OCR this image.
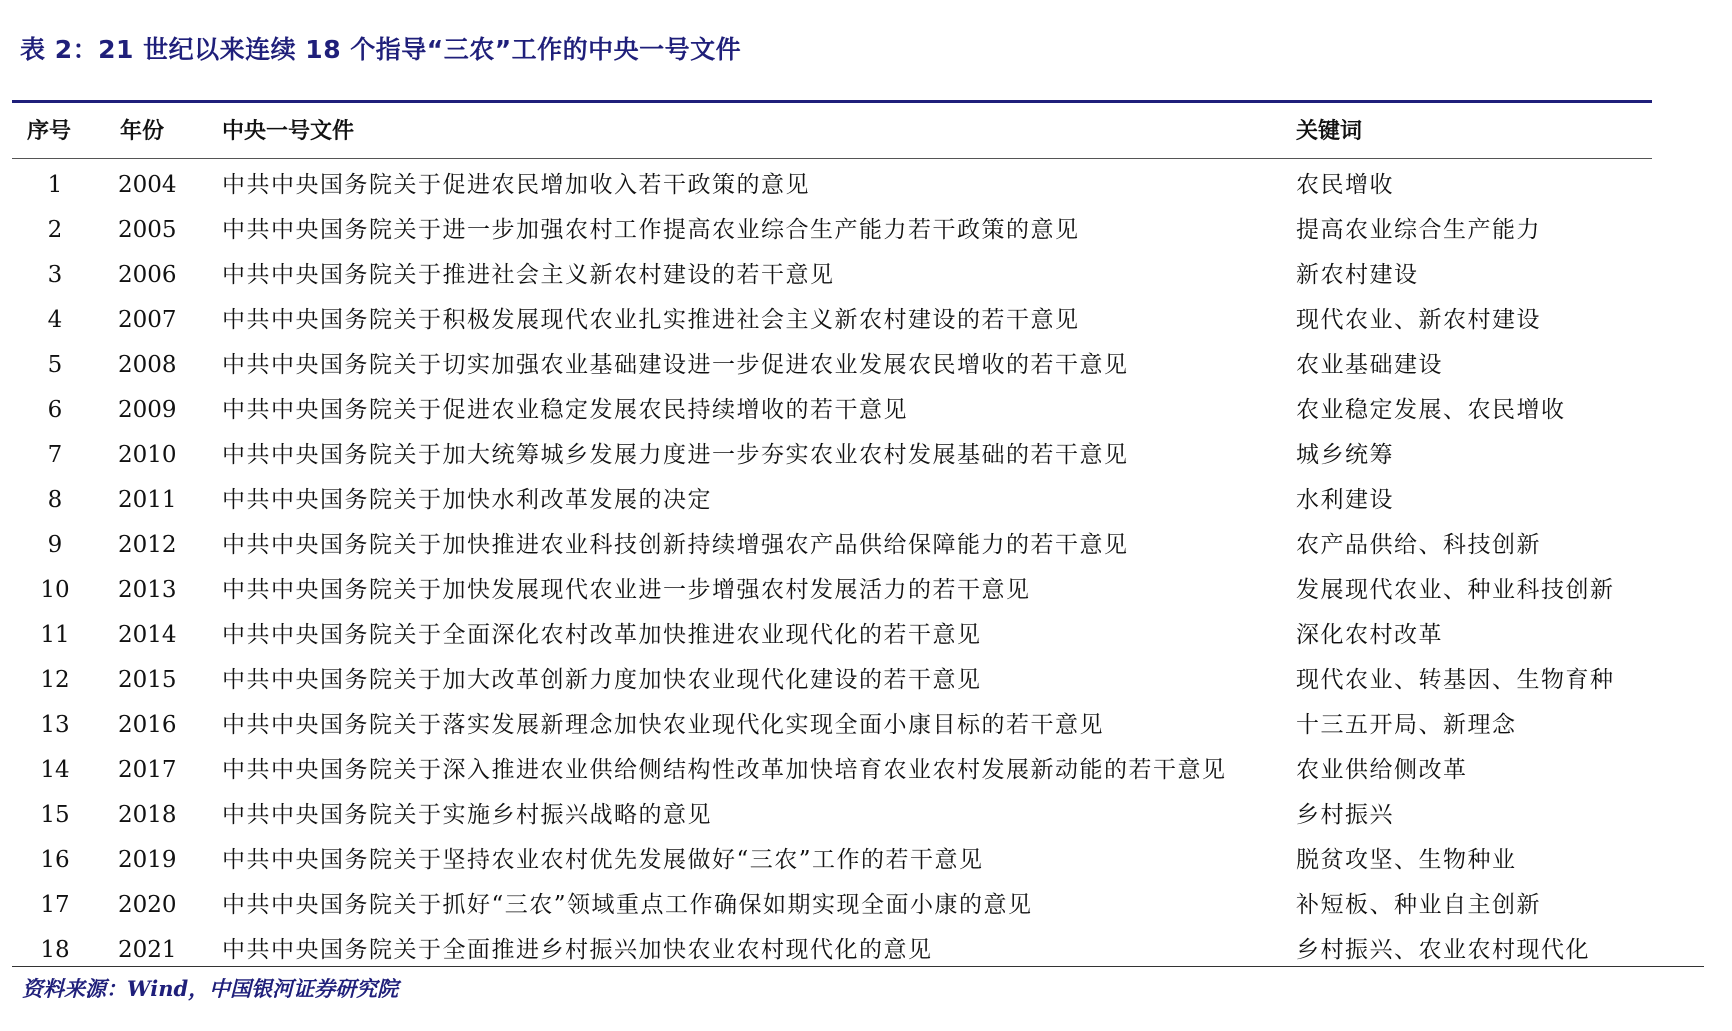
表 2：21 世纪以来连续 18 个指导“三农”工作的中央一号文件
序号 年份	中央一号文件	关键词
1	2004	中共中央国务院关于促进农民增加收入若干政策的意见	农民增收
2	2005	中共中央国务院关于进一步加强农村工作提高农业综合生产能力若干政策的意见	提高农业综合生产能力
3	2006	中共中央国务院关于推进社会主义新农村建设的若干意见	新农村建设
4	2007	中共中央国务院关于积极发展现代农业扎实推进社会主义新农村建设的若干意见	现代农业、新农村建设
5	2008	中共中央国务院关于切实加强农业基础建设进一步促进农业发展农民增收的若干意见	农业基础建设
6	2009	中共中央国务院关于促进农业稳定发展农民持续增收的若干意见	农业稳定发展、农民增收
7	2010	中共中央国务院关于加大统筹城乡发展力度进一步夯实农业农村发展基础的若干意见	城乡统筹
8	2011	中共中央国务院关于加快水利改革发展的决定	水利建设
9	2012	中共中央国务院关于加快推进农业科技创新持续增强农产品供给保障能力的若干意见	农产品供给、科技创新
10	2013	中共中央国务院关于加快发展现代农业进一步增强农村发展活力的若干意见	发展现代农业、种业科技创新
11	2014	中共中央国务院关于全面深化农村改革加快推进农业现代化的若干意见	深化农村改革
12	2015	中共中央国务院关于加大改革创新力度加快农业现代化建设的若干意见	现代农业、转基因、生物育种
13	2016	中共中央国务院关于落实发展新理念加快农业现代化实现全面小康目标的若干意见	十三五开局、新理念
14	2017	中共中央国务院关于深入推进农业供给侧结构性改革加快培育农业农村发展新动能的若干意见	农业供给侧改革
15	2018	中共中央国务院关于实施乡村振兴战略的意见	乡村振兴
16	2019	中共中央国务院关于坚持农业农村优先发展做好“三农”工作的若干意见	脱贫攻坚、生物种业
17	2020	中共中央国务院关于抓好“三农”领域重点工作确保如期实现全面小康的意见	补短板、种业自主创新
18	2021	中共中央国务院关于全面推进乡村振兴加快农业农村现代化的意见	乡村振兴、农业农村现代化
资料来源：Wind，中国银河证券研究院
